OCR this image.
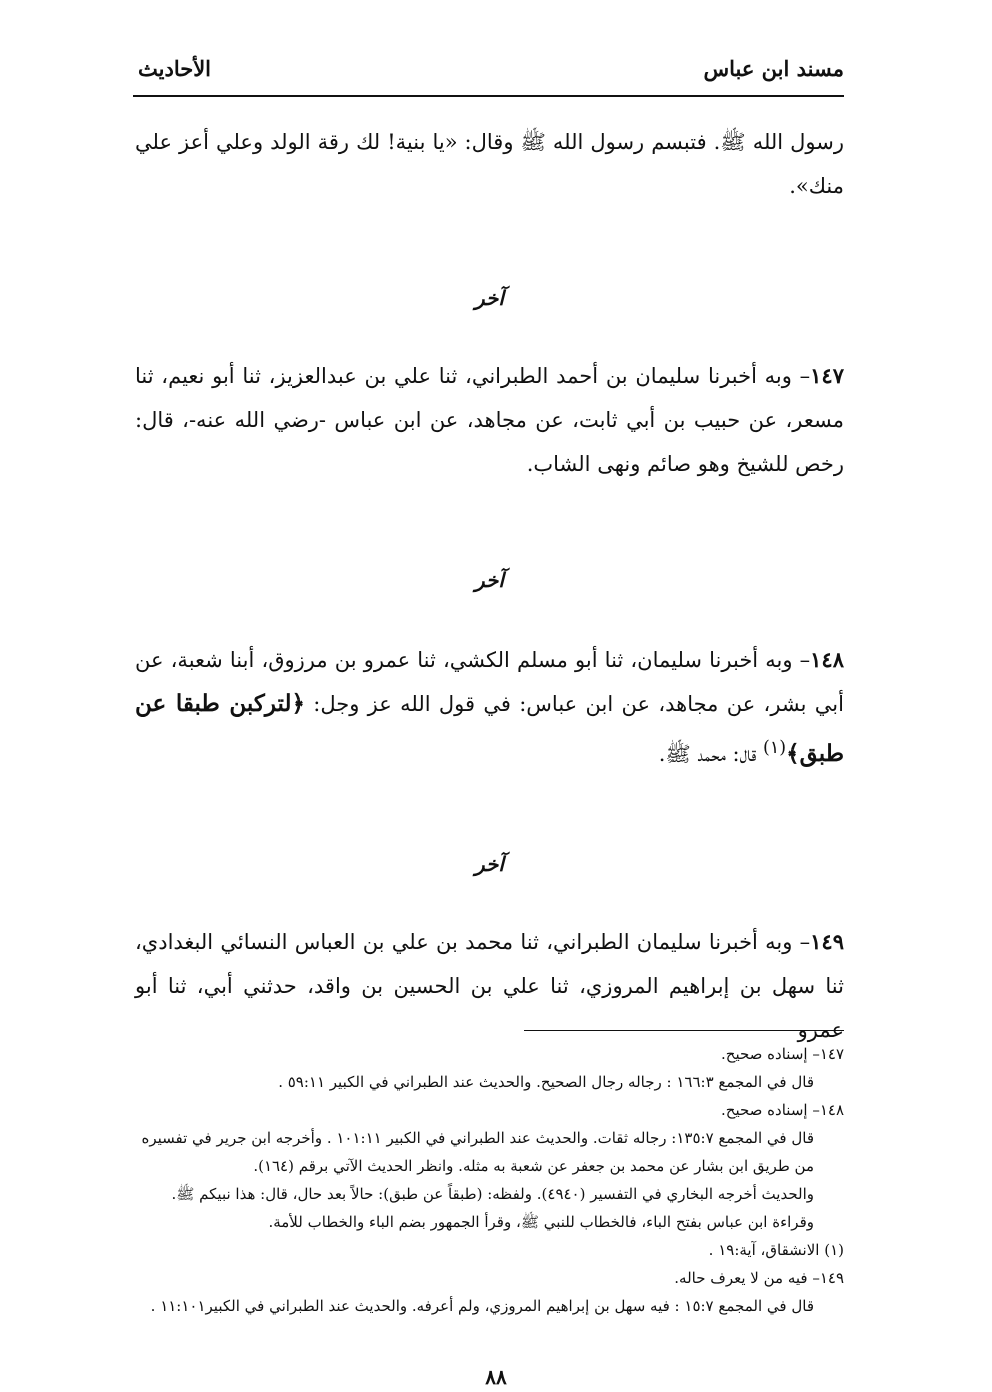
مسند ابن عباس
الأحاديث

رسول الله ﷺ. فتبسم رسول الله ﷺ وقال: «يا بنية! لك رقة الولد وعلي أعز علي منك».

آخر

١٤٧– وبه أخبرنا سليمان بن أحمد الطبراني، ثنا علي بن عبدالعزيز، ثنا أبو نعيم، ثنا مسعر، عن حبيب بن أبي ثابت، عن مجاهد، عن ابن عباس -رضي الله عنه-، قال: رخص للشيخ وهو صائم ونهى الشاب.

آخر

١٤٨– وبه أخبرنا سليمان، ثنا أبو مسلم الكشي، ثنا عمرو بن مرزوق، أبنا شعبة، عن أبي بشر، عن مجاهد، عن ابن عباس: في قول الله عز وجل: ﴿لتركبن طبقا عن طبق﴾$^{(١)}$ قال: محمد ﷺ.

آخر

١٤٩– وبه أخبرنا سليمان الطبراني، ثنا محمد بن علي بن العباس النسائي البغدادي، ثنا سهل بن إبراهيم المروزي، ثنا علي بن الحسين بن واقد، حدثني أبي، ثنا أبو عمرو

١٤٧– إسناده صحيح.

قال في المجمع ١٦٦:٣ : رجاله رجال الصحيح. والحديث عند الطبراني في الكبير ٥٩:١١ .

١٤٨– إسناده صحيح.

قال في المجمع ١٣٥:٧: رجاله ثقات. والحديث عند الطبراني في الكبير ١٠١:١١ . وأخرجه ابن جرير في تفسيره من طريق ابن بشار عن محمد بن جعفر عن شعبة به مثله. وانظر الحديث الآتي برقم (١٦٤).

والحديث أخرجه البخاري في التفسير (٤٩٤٠). ولفظه: (طبقاً عن طبق): حالاً بعد حال، قال: هذا نبيكم ﷺ. وقراءة ابن عباس بفتح الباء، فالخطاب للنبي ﷺ، وقرأ الجمهور بضم الباء والخطاب للأمة.

(١) الانشقاق، آية:١٩ .

١٤٩– فيه من لا يعرف حاله.

قال في المجمع ١٥:٧ : فيه سهل بن إبراهيم المروزي، ولم أعرفه. والحديث عند الطبراني في الكبير١١:١٠١ .

٨٨
